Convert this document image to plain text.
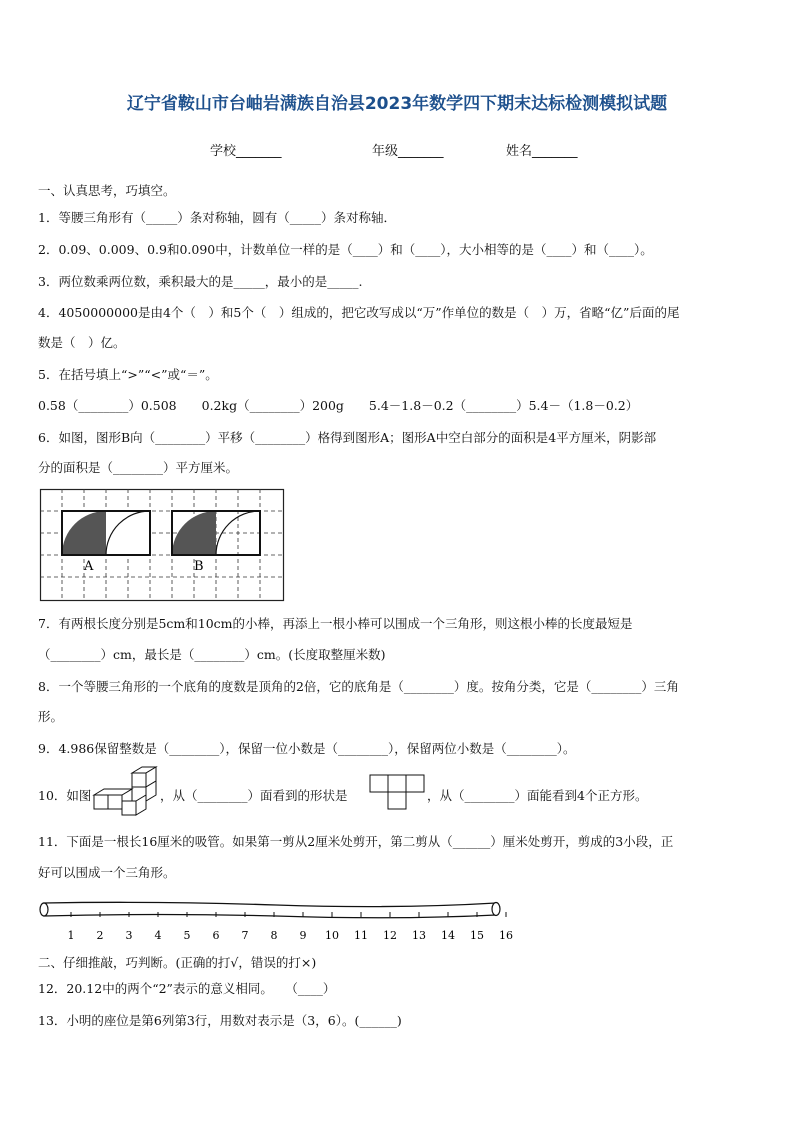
辽宁省鞍山市台岫岩满族自治县2023年数学四下期末达标检测模拟试题
学校_______	年级_______	姓名_______
一、认真思考，巧填空。
1．等腰三角形有（_____）条对称轴，圆有（_____）条对称轴．
2．0.09、0.009、0.9和0.090中，计数单位一样的是（____）和（____），大小相等的是（____）和（____）。
3．两位数乘两位数，乘积最大的是_____，最小的是_____.
4．4050000000是由4个（　）和5个（　）组成的，把它改写成以“万”作单位的数是（　）万，省略“亿”后面的尾
数是（　）亿。
5．在括号填上“>”“<”或“＝”。
0.58（________）0.508　　0.2kg（________）200g　　5.4－1.8－0.2（________）5.4－（1.8－0.2）
6．如图，图形B向（________）平移（________）格得到图形A；图形A中空白部分的面积是4平方厘米，阴影部
分的面积是（________）平方厘米。
A	B
7．有两根长度分别是5cm和10cm的小棒，再添上一根小棒可以围成一个三角形，则这根小棒的长度最短是
（________）cm，最长是（________）cm。(长度取整厘米数)
8．一个等腰三角形的一个底角的度数是顶角的2倍，它的底角是（________）度。按角分类，它是（________）三角
形。
9．4.986保留整数是（________），保留一位小数是（________），保留两位小数是（________）。
10．如图	，从（________）面看到的形状是	，从（________）面能看到4个正方形。
11．下面是一根长16厘米的吸管。如果第一剪从2厘米处剪开，第二剪从（______）厘米处剪开，剪成的3小段，正
好可以围成一个三角形。
1 2 3 4 5 6 7 8 9 10 11 12 13 14 15 16
二、仔细推敲，巧判断。(正确的打√，错误的打×)
12．20.12中的两个“2”表示的意义相同。　　（____）
13．小明的座位是第6列第3行，用数对表示是（3，6）。(______)
